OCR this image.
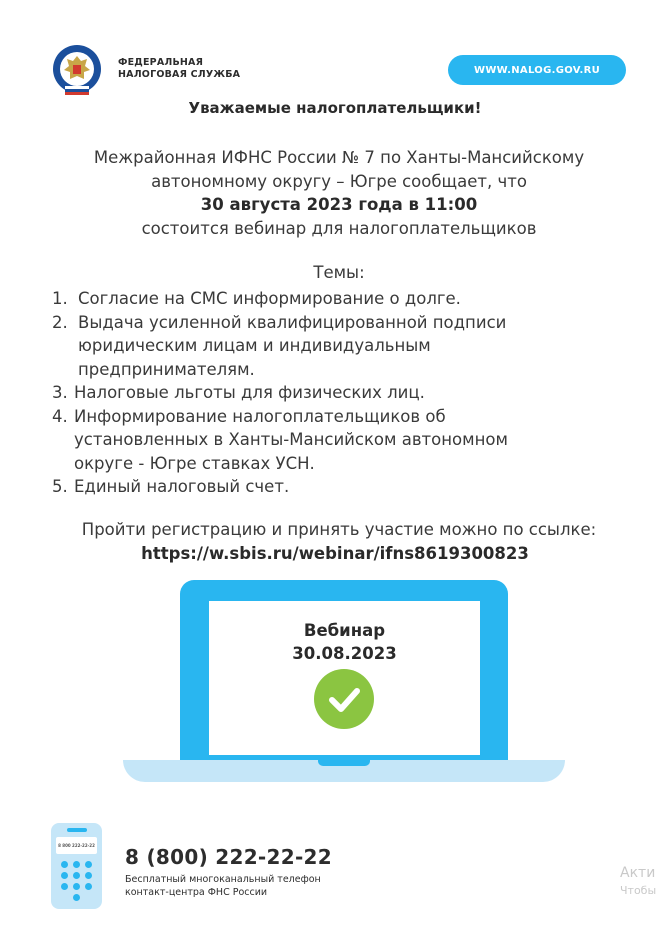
ФЕДЕРАЛЬНАЯ
НАЛОГОВАЯ СЛУЖБА	WWW.NALOG.GOV.RU
Уважаемые налогоплательщики!
Межрайонная ИФНС России № 7 по Ханты-Мансийскому
автономному округу – Югре сообщает, что
30 августа 2023 года в 11:00
состоится вебинар для налогоплательщиков
Темы:
1. Согласие на СМС информирование о долге.
2. Выдача усиленной квалифицированной подписи
юридическим лицам и индивидуальным
предпринимателям.
3. Налоговые льготы для физических лиц.
4. Информирование налогоплательщиков об
установленных в Ханты-Мансийском автономном
округе - Югре ставках УСН.
5. Единый налоговый счет.
Пройти регистрацию и принять участие можно по ссылке:
https://w.sbis.ru/webinar/ifns8619300823
Вебинар
30.08.2023
8 800 222-22-22 8 (800) 222-22-22
Бесплатный многоканальный телефон
контакт-центра ФНС России
Акти
Чтобы
